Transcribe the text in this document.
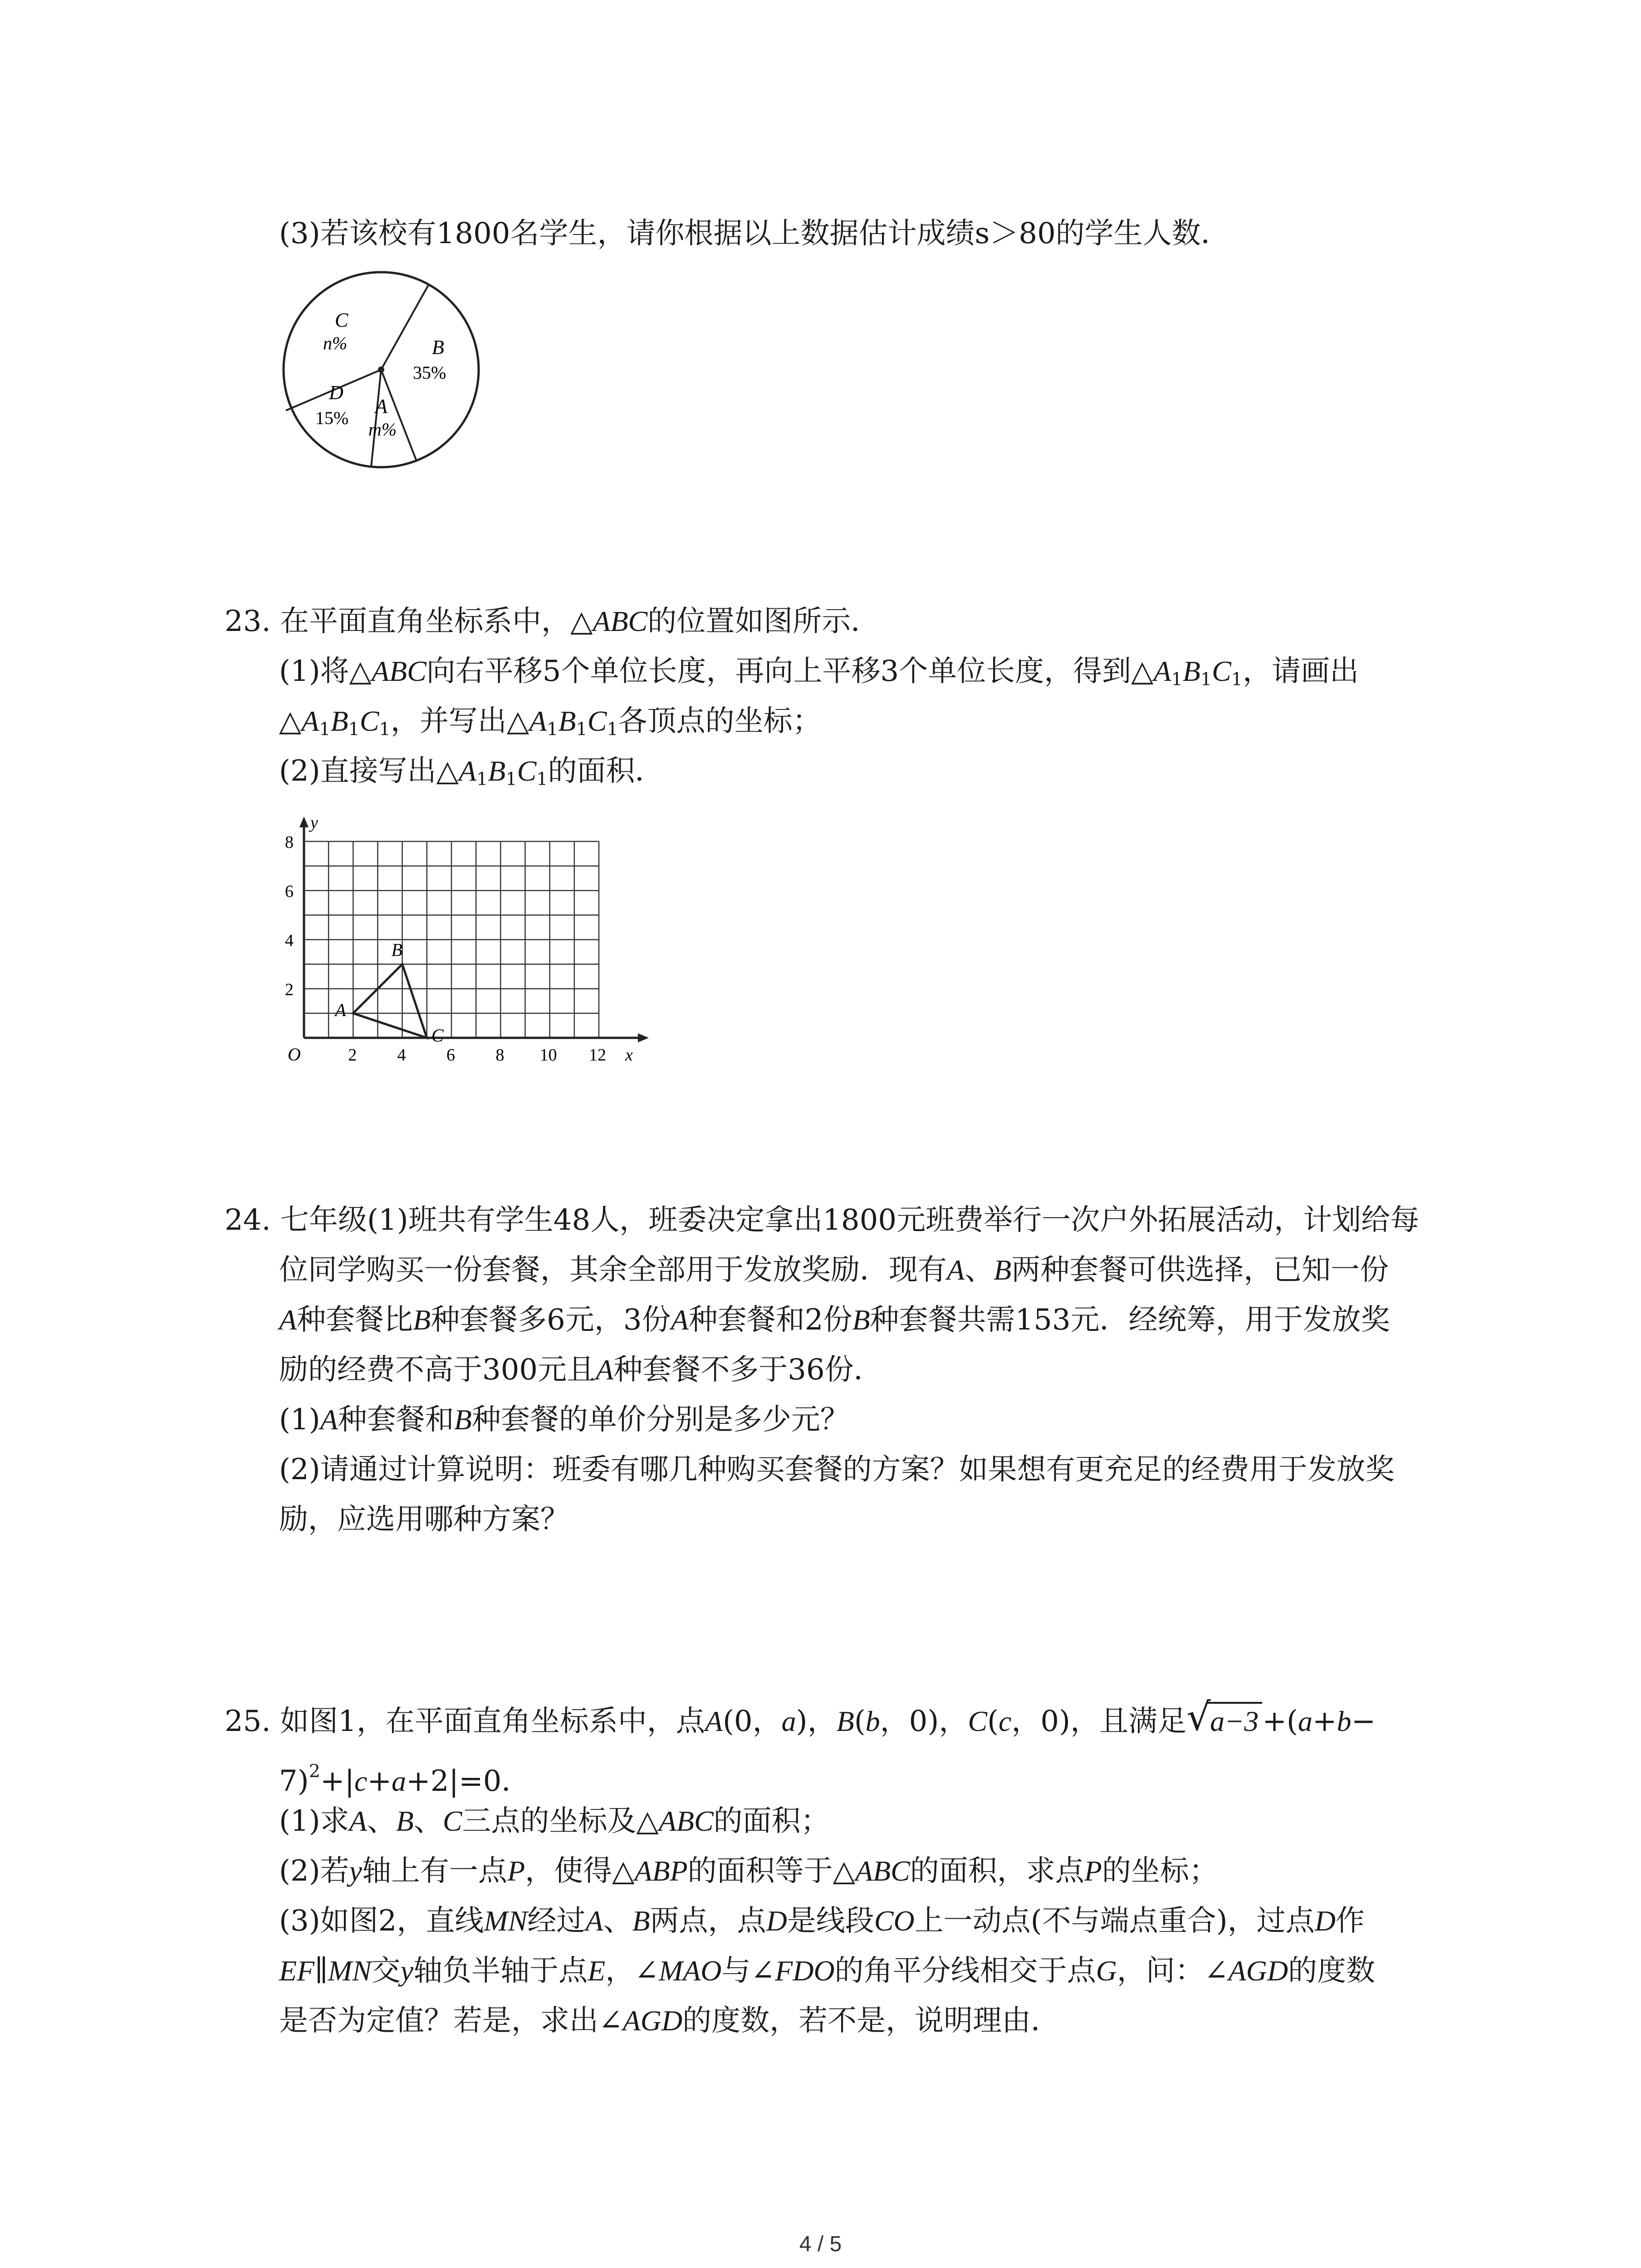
(3)若该校有1800名学生，请你根据以上数据估计成绩s＞80的学生人数．
C
n%	B
35%
D
15%
A
m%
23. 在平面直角坐标系中，△ABC的位置如图所示．
(1)将△ABC向右平移5个单位长度，再向上平移3个单位长度，得到$\triangle A_1B_1C_1$，请画出
$\triangle A_1B_1C_1$，并写出$\triangle A_1B_1C_1$各顶点的坐标；
(2)直接写出$\triangle A_1B_1C_1$的面积．
y
x
O	2 4 6 8 10 12
2
4
6
8
A
B
C
24. 七年级(1)班共有学生48人，班委决定拿出1800元班费举行一次户外拓展活动，计划给每
位同学购买一份套餐，其余全部用于发放奖励．现有A、B两种套餐可供选择，已知一份
A种套餐比B种套餐多6元，3份A种套餐和2份B种套餐共需153元．经统筹，用于发放奖
励的经费不高于300元且A种套餐不多于36份．
(1)A种套餐和B种套餐的单价分别是多少元？
(2)请通过计算说明：班委有哪几种购买套餐的方案？如果想有更充足的经费用于发放奖
励，应选用哪种方案？
25. 如图1，在平面直角坐标系中，点A(0，a)，B(b，0)，C(c，0)，且满足 √
a−3 +(a+b−
7)$^2$+|c+a+2|=0．
(1)求A、B、C三点的坐标及△ABC的面积；
(2)若y轴上有一点P，使得△ABP的面积等于△ABC的面积，求点P的坐标；
(3)如图2，直线MN经过A、B两点，点D是线段CO上一动点(不与端点重合)，过点D作
EF∥MN交y轴负半轴于点E，∠MAO与∠FDO的角平分线相交于点G，问：∠AGD的度数
是否为定值？若是，求出∠AGD的度数，若不是，说明理由．
4 / 5
